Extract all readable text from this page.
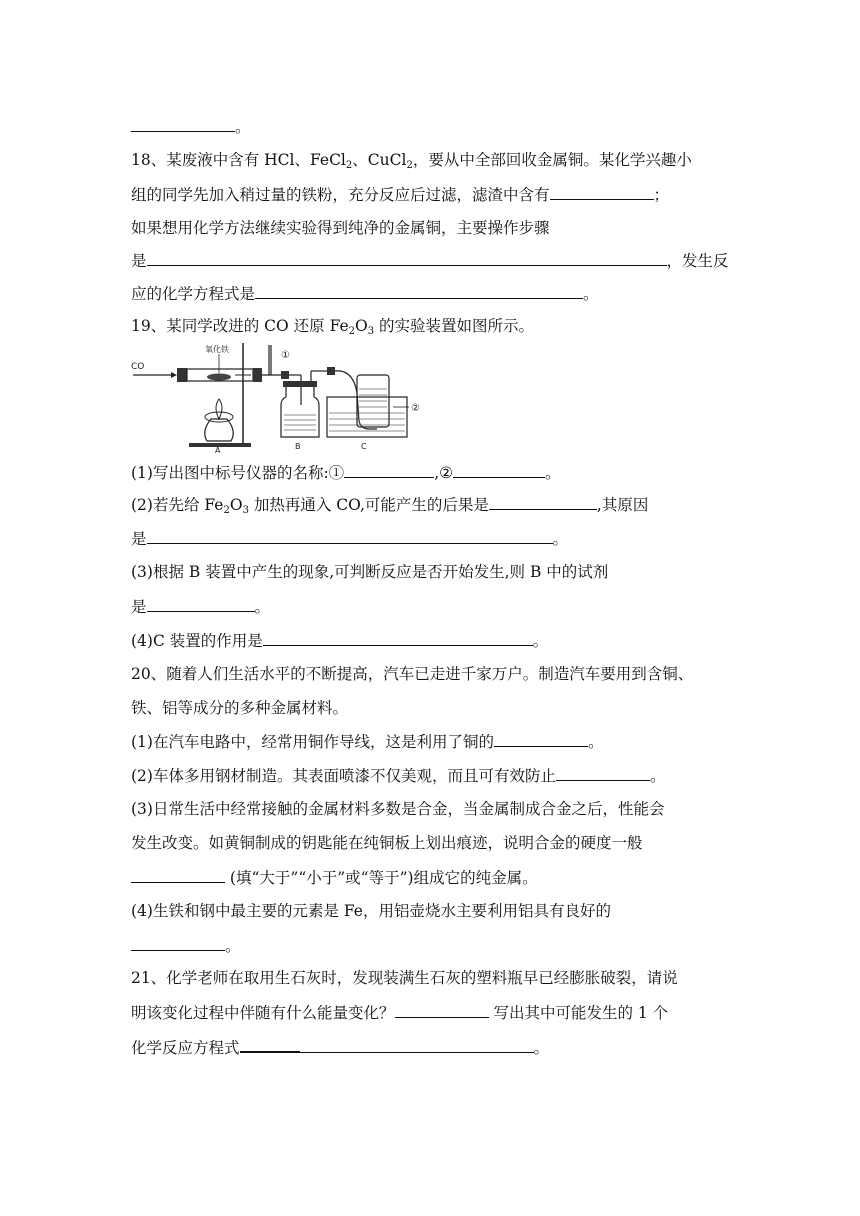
。
18、某废液中含有 HCl、FeCl$_2$、CuCl$_2$，要从中全部回收金属铜。某化学兴趣小
组的同学先加入稍过量的铁粉，充分反应后过滤，滤渣中含有	；
如果想用化学方法继续实验得到纯净的金属铜，主要操作步骤
是	，发生反
应的化学方程式是	。
19、某同学改进的 CO 还原 $Fe_2O_3$ 的实验装置如图所示。
CO
氧化铁
A
①
B
②
C
(1)写出图中标号仪器的名称:①	,②	。
(2)若先给 $Fe_2O_3$ 加热再通入 CO,可能产生的后果是	,其原因
是	。
(3)根据 B 装置中产生的现象,可判断反应是否开始发生,则 B 中的试剂
是	。
(4)C 装置的作用是	。
20、随着人们生活水平的不断提高，汽车已走进千家万户。制造汽车要用到含铜、
铁、铝等成分的多种金属材料。
(1)在汽车电路中，经常用铜作导线，这是利用了铜的	。
(2)车体多用钢材制造。其表面喷漆不仅美观，而且可有效防止	。
(3)日常生活中经常接触的金属材料多数是合金，当金属制成合金之后，性能会
发生改变。如黄铜制成的钥匙能在纯铜板上划出痕迹，说明合金的硬度一般
(填“大于”“小于”或“等于”)组成它的纯金属。
(4)生铁和钢中最主要的元素是 Fe，用铝壶烧水主要利用铝具有良好的
。
21、化学老师在取用生石灰时，发现装满生石灰的塑料瓶早已经膨胀破裂，请说
明该变化过程中伴随有什么能量变化？	写出其中可能发生的 1 个
化学反应方程式	。
